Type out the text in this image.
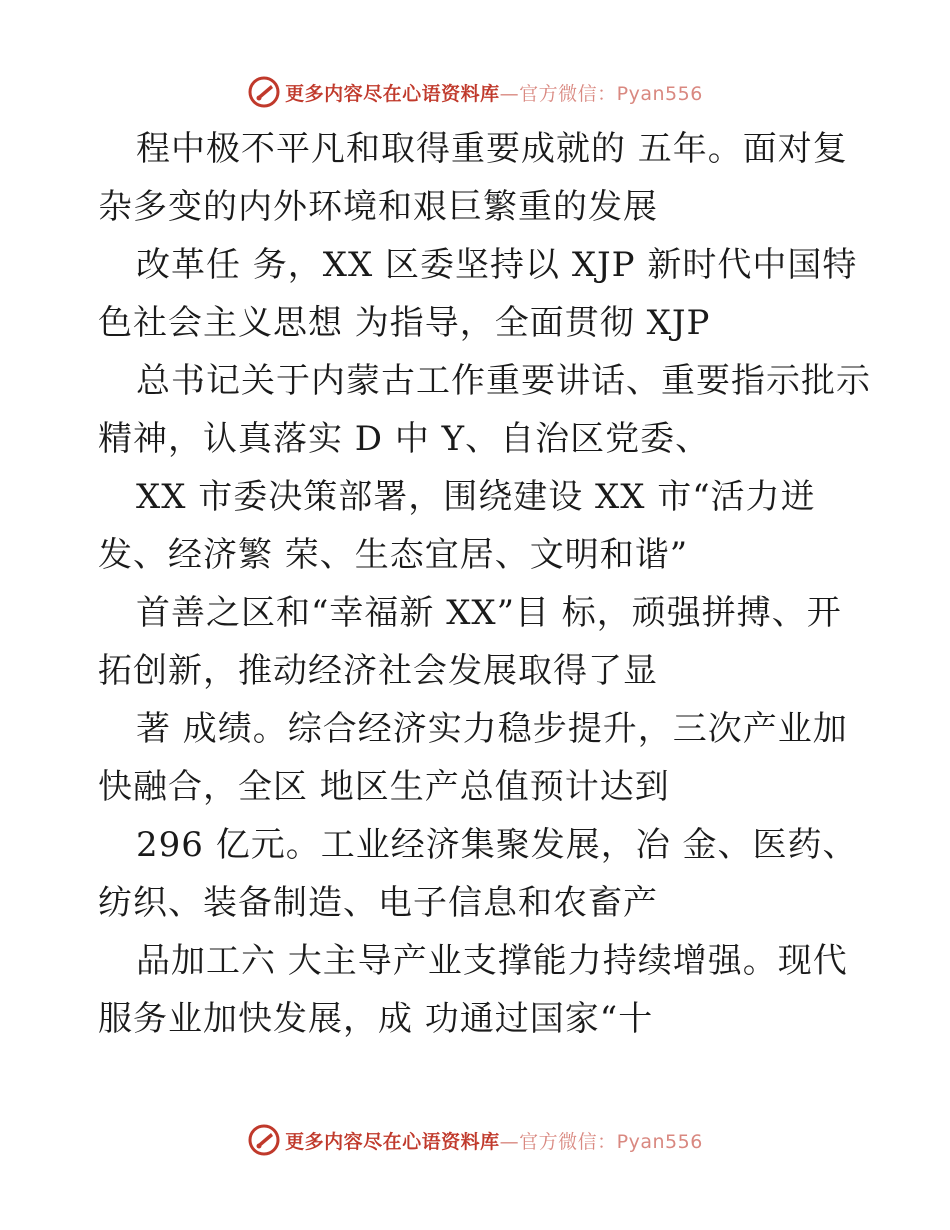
更多内容尽在心语资料库—官方微信：Pyan556
程中极不平凡和取得重要成就的 五年。面对复
杂多变的内外环境和艰巨繁重的发展
改革任 务，XX 区委坚持以 XJP 新时代中国特
色社会主义思想 为指导，全面贯彻 XJP
总书记关于内蒙古工作重要讲话、重要指示批示
精神，认真落实 D 中 Y、自治区党委、
XX 市委决策部署，围绕建设 XX 市“活力迸
发、经济繁 荣、生态宜居、文明和谐”
首善之区和“幸福新 XX”目 标，顽强拼搏、开
拓创新，推动经济社会发展取得了显
著 成绩。综合经济实力稳步提升，三次产业加
快融合，全区 地区生产总值预计达到
296 亿元。工业经济集聚发展，冶 金、医药、
纺织、装备制造、电子信息和农畜产
品加工六 大主导产业支撑能力持续增强。现代
服务业加快发展，成 功通过国家“十
更多内容尽在心语资料库—官方微信：Pyan556
